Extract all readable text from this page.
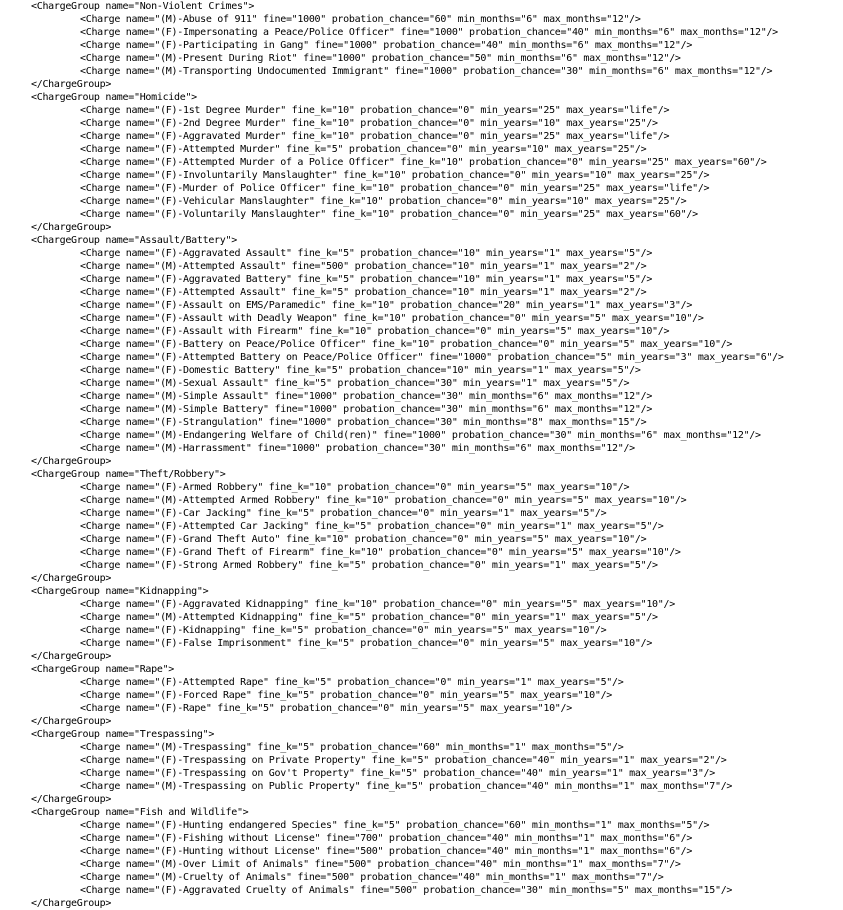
<ChargeGroup name="Non-Violent Crimes">
<Charge name="(M)-Abuse of 911" fine="1000" probation_chance="60" min_months="6" max_months="12"/>
<Charge name="(F)-Impersonating a Peace/Police Officer" fine="1000" probation_chance="40" min_months="6" max_months="12"/>
<Charge name="(F)-Participating in Gang" fine="1000" probation_chance="40" min_months="6" max_months="12"/>
<Charge name="(M)-Present During Riot" fine="1000" probation_chance="50" min_months="6" max_months="12"/>
<Charge name="(M)-Transporting Undocumented Immigrant" fine="1000" probation_chance="30" min_months="6" max_months="12"/>
</ChargeGroup>
<ChargeGroup name="Homicide">
<Charge name="(F)-1st Degree Murder" fine_k="10" probation_chance="0" min_years="25" max_years="life"/>
<Charge name="(F)-2nd Degree Murder" fine_k="10" probation_chance="0" min_years="10" max_years="25"/>
<Charge name="(F)-Aggravated Murder" fine_k="10" probation_chance="0" min_years="25" max_years="life"/>
<Charge name="(F)-Attempted Murder" fine_k="5" probation_chance="0" min_years="10" max_years="25"/>
<Charge name="(F)-Attempted Murder of a Police Officer" fine_k="10" probation_chance="0" min_years="25" max_years="60"/>
<Charge name="(F)-Involuntarily Manslaughter" fine_k="10" probation_chance="0" min_years="10" max_years="25"/>
<Charge name="(F)-Murder of Police Officer" fine_k="10" probation_chance="0" min_years="25" max_years="life"/>
<Charge name="(F)-Vehicular Manslaughter" fine_k="10" probation_chance="0" min_years="10" max_years="25"/>
<Charge name="(F)-Voluntarily Manslaughter" fine_k="10" probation_chance="0" min_years="25" max_years="60"/>
</ChargeGroup>
<ChargeGroup name="Assault/Battery">
<Charge name="(F)-Aggravated Assault" fine_k="5" probation_chance="10" min_years="1" max_years="5"/>
<Charge name="(M)-Attempted Assault" fine="500" probation_chance="10" min_years="1" max_years="2"/>
<Charge name="(F)-Aggravated Battery" fine_k="5" probation_chance="10" min_years="1" max_years="5"/>
<Charge name="(F)-Attempted Assault" fine_k="5" probation_chance="10" min_years="1" max_years="2"/>
<Charge name="(F)-Assault on EMS/Paramedic" fine_k="10" probation_chance="20" min_years="1" max_years="3"/>
<Charge name="(F)-Assault with Deadly Weapon" fine_k="10" probation_chance="0" min_years="5" max_years="10"/>
<Charge name="(F)-Assault with Firearm" fine_k="10" probation_chance="0" min_years="5" max_years="10"/>
<Charge name="(F)-Battery on Peace/Police Officer" fine_k="10" probation_chance="0" min_years="5" max_years="10"/>
<Charge name="(F)-Attempted Battery on Peace/Police Officer" fine="1000" probation_chance="5" min_years="3" max_years="6"/>
<Charge name="(F)-Domestic Battery" fine_k="5" probation_chance="10" min_years="1" max_years="5"/>
<Charge name="(M)-Sexual Assault" fine_k="5" probation_chance="30" min_years="1" max_years="5"/>
<Charge name="(M)-Simple Assault" fine="1000" probation_chance="30" min_months="6" max_months="12"/>
<Charge name="(M)-Simple Battery" fine="1000" probation_chance="30" min_months="6" max_months="12"/>
<Charge name="(F)-Strangulation" fine="1000" probation_chance="30" min_months="8" max_months="15"/>
<Charge name="(M)-Endangering Welfare of Child(ren)" fine="1000" probation_chance="30" min_months="6" max_months="12"/>
<Charge name="(M)-Harrassment" fine="1000" probation_chance="30" min_months="6" max_months="12"/>
</ChargeGroup>
<ChargeGroup name="Theft/Robbery">
<Charge name="(F)-Armed Robbery" fine_k="10" probation_chance="0" min_years="5" max_years="10"/>
<Charge name="(M)-Attempted Armed Robbery" fine_k="10" probation_chance="0" min_years="5" max_years="10"/>
<Charge name="(F)-Car Jacking" fine_k="5" probation_chance="0" min_years="1" max_years="5"/>
<Charge name="(F)-Attempted Car Jacking" fine_k="5" probation_chance="0" min_years="1" max_years="5"/>
<Charge name="(F)-Grand Theft Auto" fine_k="10" probation_chance="0" min_years="5" max_years="10"/>
<Charge name="(F)-Grand Theft of Firearm" fine_k="10" probation_chance="0" min_years="5" max_years="10"/>
<Charge name="(F)-Strong Armed Robbery" fine_k="5" probation_chance="0" min_years="1" max_years="5"/>
</ChargeGroup>
<ChargeGroup name="Kidnapping">
<Charge name="(F)-Aggravated Kidnapping" fine_k="10" probation_chance="0" min_years="5" max_years="10"/>
<Charge name="(M)-Attempted Kidnapping" fine_k="5" probation_chance="0" min_years="1" max_years="5"/>
<Charge name="(F)-Kidnapping" fine_k="5" probation_chance="0" min_years="5" max_years="10"/>
<Charge name="(F)-False Imprisonment" fine_k="5" probation_chance="0" min_years="5" max_years="10"/>
</ChargeGroup>
<ChargeGroup name="Rape">
<Charge name="(F)-Attempted Rape" fine_k="5" probation_chance="0" min_years="1" max_years="5"/>
<Charge name="(F)-Forced Rape" fine_k="5" probation_chance="0" min_years="5" max_years="10"/>
<Charge name="(F)-Rape" fine_k="5" probation_chance="0" min_years="5" max_years="10"/>
</ChargeGroup>
<ChargeGroup name="Trespassing">
<Charge name="(M)-Trespassing" fine_k="5" probation_chance="60" min_months="1" max_months="5"/>
<Charge name="(F)-Trespassing on Private Property" fine_k="5" probation_chance="40" min_years="1" max_years="2"/>
<Charge name="(F)-Trespassing on Gov't Property" fine_k="5" probation_chance="40" min_years="1" max_years="3"/>
<Charge name="(M)-Trespassing on Public Property" fine_k="5" probation_chance="40" min_months="1" max_months="7"/>
</ChargeGroup>
<ChargeGroup name="Fish and Wildlife">
<Charge name="(F)-Hunting endangered Species" fine_k="5" probation_chance="60" min_months="1" max_months="5"/>
<Charge name="(F)-Fishing without License" fine="700" probation_chance="40" min_months="1" max_months="6"/>
<Charge name="(F)-Hunting without License" fine="500" probation_chance="40" min_months="1" max_months="6"/>
<Charge name="(M)-Over Limit of Animals" fine="500" probation_chance="40" min_months="1" max_months="7"/>
<Charge name="(M)-Cruelty of Animals" fine="500" probation_chance="40" min_months="1" max_months="7"/>
<Charge name="(F)-Aggravated Cruelty of Animals" fine="500" probation_chance="30" min_months="5" max_months="15"/>
</ChargeGroup>
